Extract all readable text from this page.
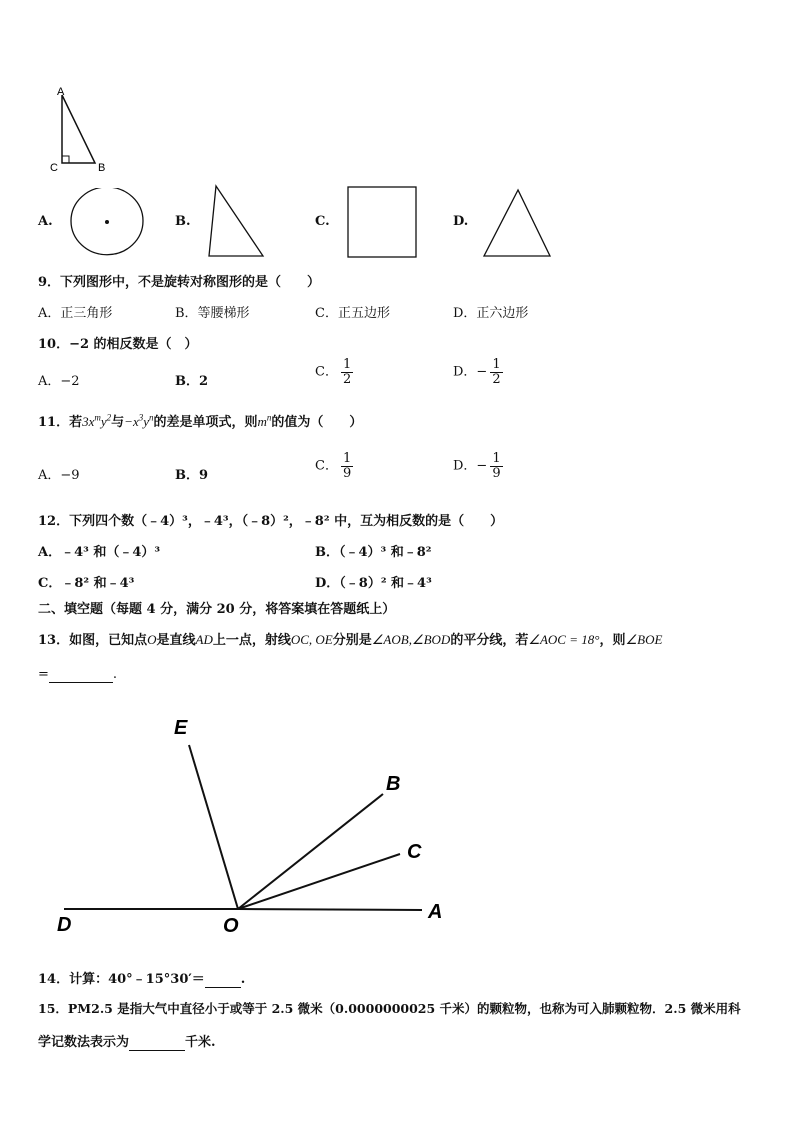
A
C	B
A.	B.	C.	D.
9．下列图形中，不是旋转对称图形的是（　　）
A．正三角形	B．等腰梯形	C．正五边形	D．正六边形
10．−2 的相反数是（　）
A．−2	B．2
C． $\frac{1}{2}$	D．− $\frac{1}{2}$
11．若$3x^my^2$与$-x^3y^n$的差是单项式，则$m^n$的值为（　　）
A．−9	B．9
C． $\frac{1}{9}$	D．− $\frac{1}{9}$
12．下列四个数（﹣4）³，﹣4³，（﹣8）²，﹣8² 中，互为相反数的是（　　）
A．﹣4³ 和（﹣4）³	B．（﹣4）³ 和﹣8²
C．﹣8² 和﹣4³	D．（﹣8）² 和﹣4³
二、填空题（每题 4 分，满分 20 分，将答案填在答题纸上）
13．如图，已知点O是直线AD上一点，射线OC, OE分别是∠AOB,∠BOD的平分线，若∠AOC = 18°，则∠BOE
=	.
E
B
C
D	O
A
14．计算：40°﹣15°30′＝	.
15．PM2.5 是指大气中直径小于或等于 2.5 微米（0.0000000025 千米）的颗粒物，也称为可入肺颗粒物．2.5 微米用科
学记数法表示为	千米.
